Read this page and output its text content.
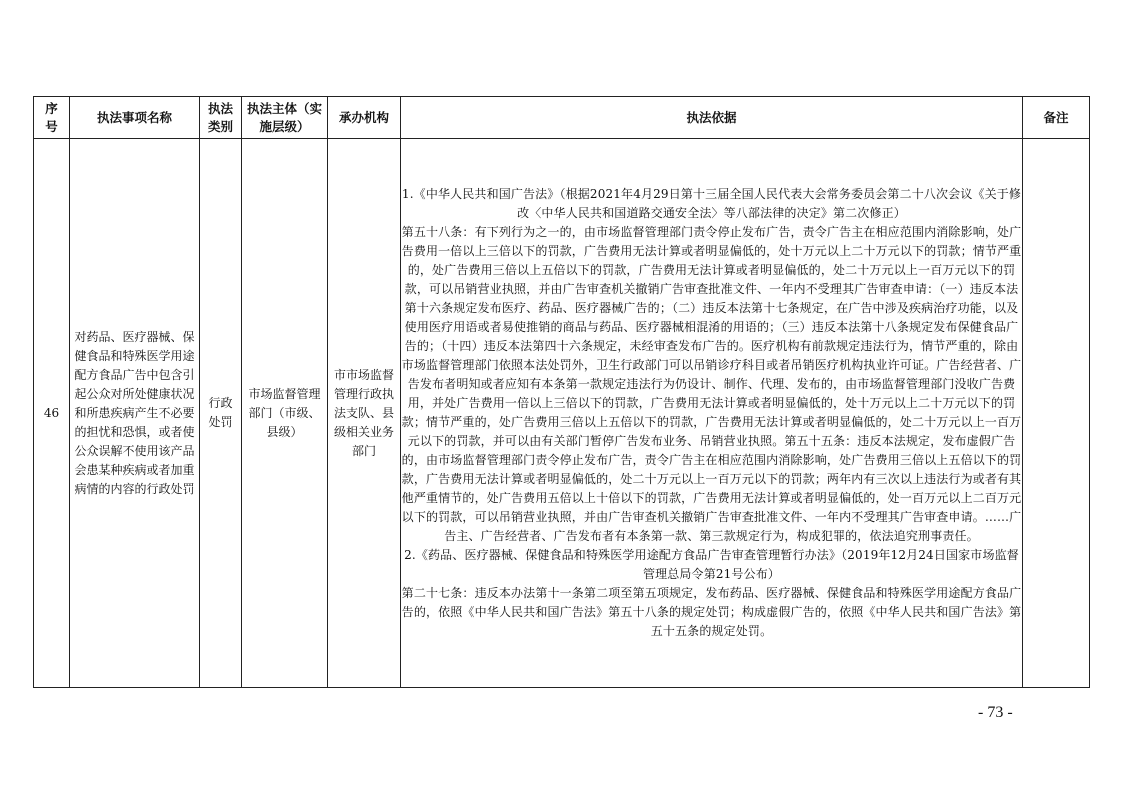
序号	执法事项名称	执法类别	执法主体（实施层级）	承办机构	执法依据	备注
46	对药品、医疗器械、保健食品和特殊医学用途配方食品广告中包含引起公众对所处健康状况和所患疾病产生不必要的担忧和恐惧，或者使公众误解不使用该产品会患某种疾病或者加重病情的内容的行政处罚	行政处罚	市场监督管理部门（市级、县级）	市市场监督管理行政执法支队、县级相关业务部门	1.《中华人民共和国广告法》（根据2021年4月29日第十三届全国人民代表大会常务委员会第二十八次会议《关于修改〈中华人民共和国道路交通安全法〉等八部法律的决定》第二次修正）

第五十八条：有下列行为之一的，由市场监督管理部门责令停止发布广告，责令广告主在相应范围内消除影响，处广告费用一倍以上三倍以下的罚款，广告费用无法计算或者明显偏低的，处十万元以上二十万元以下的罚款；情节严重的，处广告费用三倍以上五倍以下的罚款，广告费用无法计算或者明显偏低的，处二十万元以上一百万元以下的罚款，可以吊销营业执照，并由广告审查机关撤销广告审查批准文件、一年内不受理其广告审查申请：（一）违反本法第十六条规定发布医疗、药品、医疗器械广告的；（二）违反本法第十七条规定，在广告中涉及疾病治疗功能，以及使用医疗用语或者易使推销的商品与药品、医疗器械相混淆的用语的；（三）违反本法第十八条规定发布保健食品广告的；（十四）违反本法第四十六条规定，未经审查发布广告的。医疗机构有前款规定违法行为，情节严重的，除由市场监督管理部门依照本法处罚外，卫生行政部门可以吊销诊疗科目或者吊销医疗机构执业许可证。广告经营者、广告发布者明知或者应知有本条第一款规定违法行为仍设计、制作、代理、发布的，由市场监督管理部门没收广告费用，并处广告费用一倍以上三倍以下的罚款，广告费用无法计算或者明显偏低的，处十万元以上二十万元以下的罚款；情节严重的，处广告费用三倍以上五倍以下的罚款，广告费用无法计算或者明显偏低的，处二十万元以上一百万元以下的罚款，并可以由有关部门暂停广告发布业务、吊销营业执照。第五十五条：违反本法规定，发布虚假广告的，由市场监督管理部门责令停止发布广告，责令广告主在相应范围内消除影响，处广告费用三倍以上五倍以下的罚款，广告费用无法计算或者明显偏低的，处二十万元以上一百万元以下的罚款；两年内有三次以上违法行为或者有其他严重情节的，处广告费用五倍以上十倍以下的罚款，广告费用无法计算或者明显偏低的，处一百万元以上二百万元以下的罚款，可以吊销营业执照，并由广告审查机关撤销广告审查批准文件、一年内不受理其广告审查申请。……广告主、广告经营者、广告发布者有本条第一款、第三款规定行为，构成犯罪的，依法追究刑事责任。

2.《药品、医疗器械、保健食品和特殊医学用途配方食品广告审查管理暂行办法》（2019年12月24日国家市场监督管理总局令第21号公布）

第二十七条：违反本办法第十一条第二项至第五项规定，发布药品、医疗器械、保健食品和特殊医学用途配方食品广告的，依照《中华人民共和国广告法》第五十八条的规定处罚；构成虚假广告的，依照《中华人民共和国广告法》第五十五条的规定处罚。	

- 73 -
